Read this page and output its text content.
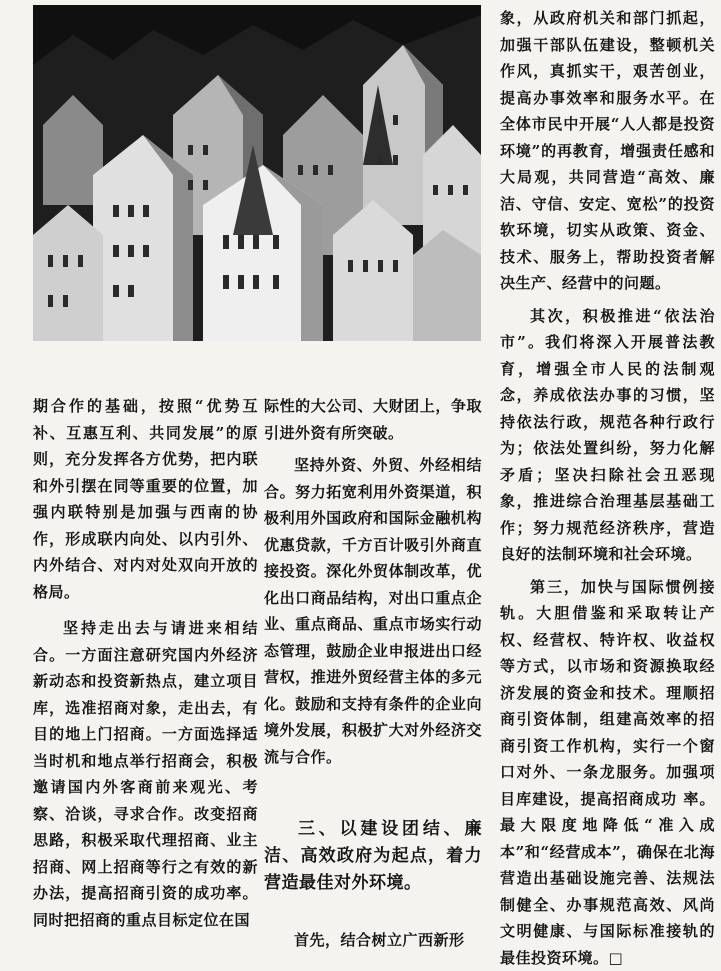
期合作的基础，按照“优势互补、互惠互利、共同发展”的原则，充分发挥各方优势，把内联和外引摆在同等重要的位置，加强内联特别是加强与西南的协作，形成联内向处、以内引外、内外结合、对内对处双向开放的格局。

坚持走出去与请进来相结合。一方面注意研究国内外经济新动态和投资新热点，建立项目库，选准招商对象，走出去，有目的地上门招商。一方面选择适当时机和地点举行招商会，积极邀请国内外客商前来观光、考察、洽谈，寻求合作。改变招商思路，积极采取代理招商、业主招商、网上招商等行之有效的新办法，提高招商引资的成功率。同时把招商的重点目标定位在国

际性的大公司、大财团上，争取引进外资有所突破。

坚持外资、外贸、外经相结合。努力拓宽利用外资渠道，积极利用外国政府和国际金融机构优惠贷款，千方百计吸引外商直接投资。深化外贸体制改革，优化出口商品结构，对出口重点企业、重点商品、重点市场实行动态管理，鼓励企业申报进出口经营权，推进外贸经营主体的多元化。鼓励和支持有条件的企业向境外发展，积极扩大对外经济交流与合作。

三、以建设团结、廉洁、高效政府为起点，着力营造最佳对外环境。

首先，结合树立广西新形

象，从政府机关和部门抓起，加强干部队伍建设，整顿机关作风，真抓实干，艰苦创业，提高办事效率和服务水平。在全体市民中开展“人人都是投资环境”的再教育，增强责任感和大局观，共同营造“高效、廉洁、守信、安定、宽松”的投资软环境，切实从政策、资金、技术、服务上，帮助投资者解决生产、经营中的问题。

其次，积极推进“依法治市”。我们将深入开展普法教育，增强全市人民的法制观念，养成依法办事的习惯，坚持依法行政，规范各种行政行为；依法处置纠纷，努力化解矛盾；坚决扫除社会丑恶现象，推进综合治理基层基础工作；努力规范经济秩序，营造良好的法制环境和社会环境。

第三，加快与国际惯例接轨。大胆借鉴和采取转让产权、经营权、特许权、收益权等方式，以市场和资源换取经济发展的资金和技术。理顺招商引资体制，组建高效率的招商引资工作机构，实行一个窗口对外、一条龙服务。加强项目库建设，提高招商成功 率。最大限度地降低“准入成本”和“经营成本”，确保在北海营造出基础设施完善、法规法制健全、办事规范高效、风尚文明健康、与国际标准接轨的最佳投资环境。□
